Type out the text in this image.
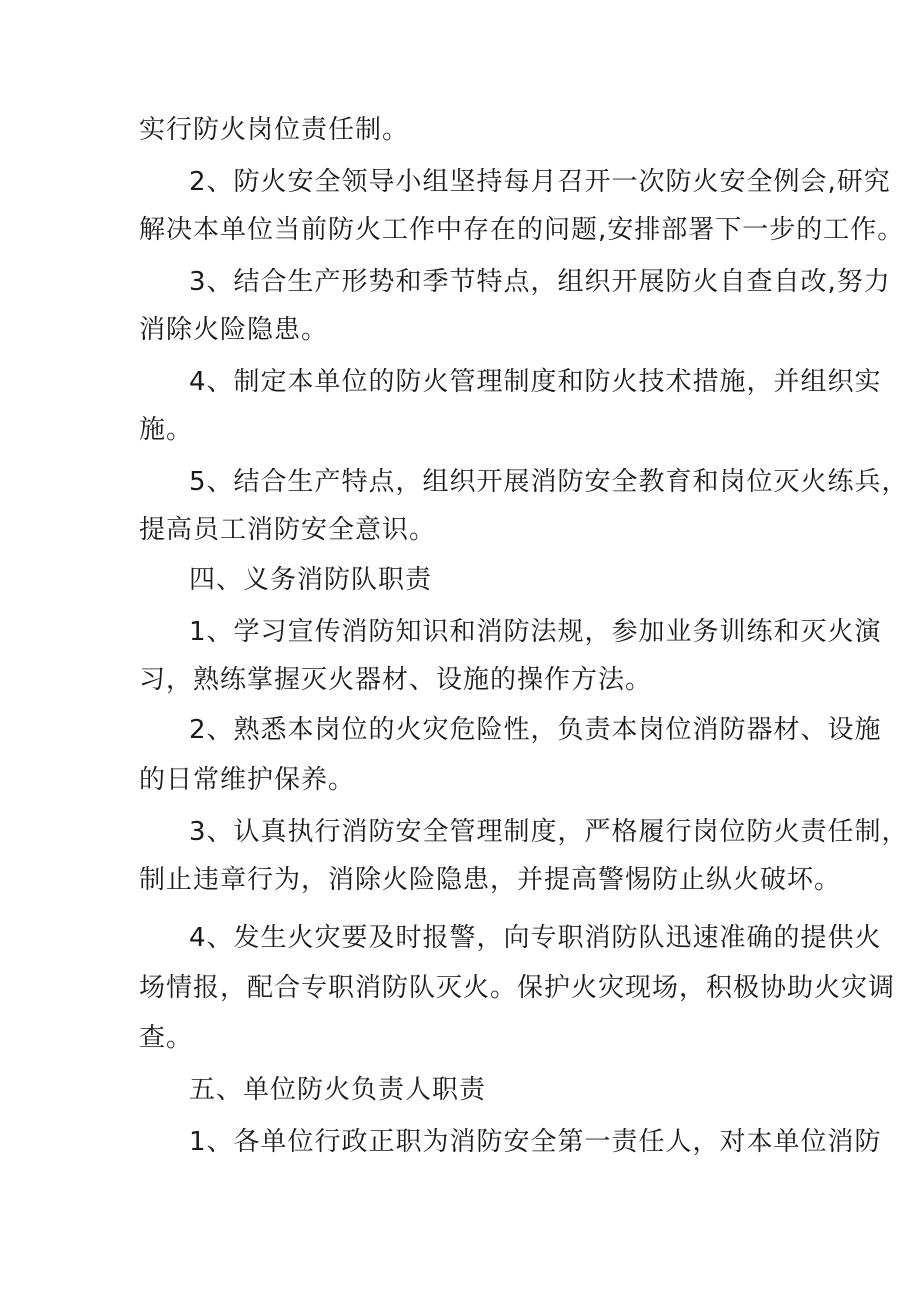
实行防火岗位责任制。
2、防火安全领导小组坚持每月召开一次防火安全例会,研究
解决本单位当前防火工作中存在的问题,安排部署下一步的工作。
3、结合生产形势和季节特点，组织开展防火自查自改,努力
消除火险隐患。
4、制定本单位的防火管理制度和防火技术措施，并组织实
施。
5、结合生产特点，组织开展消防安全教育和岗位灭火练兵，
提高员工消防安全意识。
四、义务消防队职责
1、学习宣传消防知识和消防法规，参加业务训练和灭火演
习，熟练掌握灭火器材、设施的操作方法。
2、熟悉本岗位的火灾危险性，负责本岗位消防器材、设施
的日常维护保养。
3、认真执行消防安全管理制度，严格履行岗位防火责任制，
制止违章行为，消除火险隐患，并提高警惕防止纵火破坏。
4、发生火灾要及时报警，向专职消防队迅速准确的提供火
场情报，配合专职消防队灭火。保护火灾现场，积极协助火灾调
查。
五、单位防火负责人职责
1、各单位行政正职为消防安全第一责任人，对本单位消防
